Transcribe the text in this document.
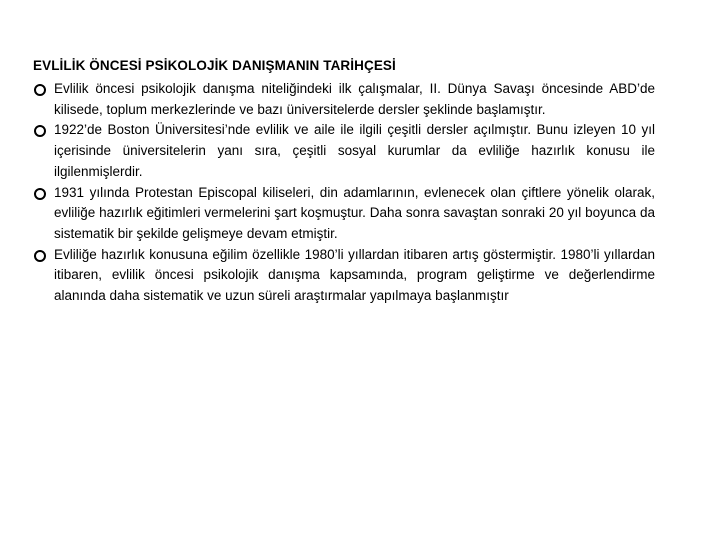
EVLİLİK ÖNCESİ PSİKOLOJİK DANIŞMANIN TARİHÇESİ
Evlilik öncesi psikolojik danışma niteliğindeki ilk çalışmalar, II. Dünya Savaşı öncesinde ABD’de kilisede, toplum merkezlerinde ve bazı üniversitelerde dersler şeklinde başlamıştır.
1922’de Boston Üniversitesi’nde evlilik ve aile ile ilgili çeşitli dersler açılmıştır. Bunu izleyen 10 yıl içerisinde üniversitelerin yanı sıra, çeşitli sosyal kurumlar da evliliğe hazırlık konusu ile ilgilenmişlerdir.
1931 yılında Protestan Episcopal kiliseleri, din adamlarının, evlenecek olan çiftlere yönelik olarak, evliliğe hazırlık eğitimleri vermelerini şart koşmuştur. Daha sonra savaştan sonraki 20 yıl boyunca da sistematik bir şekilde gelişmeye devam etmiştir.
Evliliğe hazırlık konusuna eğilim özellikle 1980’li yıllardan itibaren artış göstermiştir. 1980’li yıllardan itibaren, evlilik öncesi psikolojik danışma kapsamında, program geliştirme ve değerlendirme alanında daha sistematik ve uzun süreli araştırmalar yapılmaya başlanmıştır
